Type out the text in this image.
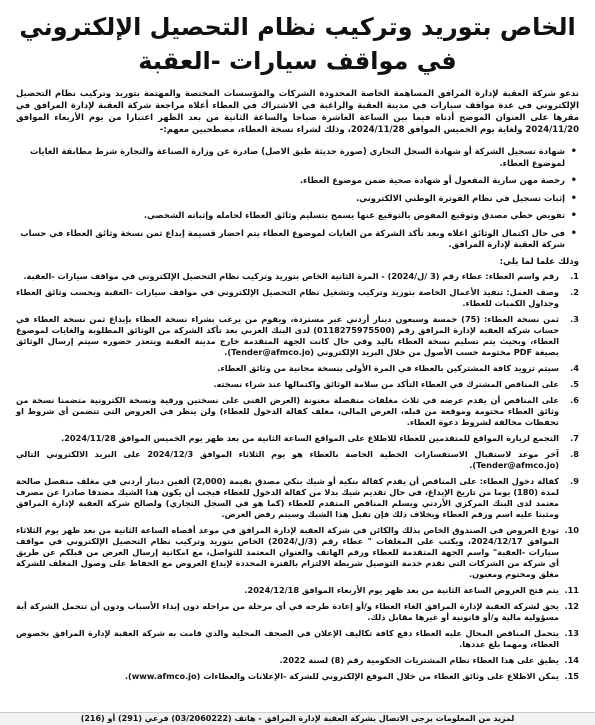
الخاص بتوريد وتركيب نظام التحصيل الإلكتروني
في مواقف سيارات -العقبة

تدعو شركة العقبة لإدارة المرافق المساهمة الخاصة المحدودة الشركات والمؤسسات المختصة والمهتمة بتوريد وتركيب نظام التحصيل الإلكتروني في عدة مواقف سيارات في مدينة العقبة والراغبة في الاشتراك في العطاء أعلاه مراجعة شركة العقبة لإدارة المرافق في مقرها على العنوان الموضح أدناه فيما بين الساعة العاشرة صباحا والساعة الثانية من بعد الظهر اعتبارا من يوم الأربعاء الموافق 2024/11/20 ولغاية يوم الخميس الموافق 2024/11/28، وذلك لشراء نسخة العطاء، مصطحبين معهم:-

•
شهادة تسجيل الشركة أو شهادة السجل التجاري (صورة حديثة طبق الاصل) صادرة عن وزارة الصناعة والتجارة شرط مطابقة الغايات لموضوع العطاء.
•
رخصة مهن سارية المفعول أو شهادة صحية ضمن موضوع العطاء.
•
إثبات تسجيل في نظام الفوترة الوطني الالكتروني.
•
تفويض خطي مصدق وتوقيع المفوض بالتوقيع عنها يسمح بتسليم وثائق العطاء لحامله وإثباته الشخصي.
•
في حال اكتمال الوثائق اعلاه وبعد تأكد الشركة من الغايات لموضوع العطاء يتم احضار قسيمة إيداع ثمن نسخة وثائق العطاء في حساب شركة العقبة لإدارة المرافق.
وذلك علما لما يلي:
1.
رقم واسم العطاء: عطاء رقم (3 /ل/2024) - المرة الثانية الخاص بتوريد وتركيب نظام التحصيل الإلكتروني في مواقف سيارات -العقبة.
2.
وصف العمل: تنفيذ الأعمال الخاصة بتوريد وتركيب وتشغيل نظام التحصيل الإلكتروني في مواقف سيارات -العقبة وبحسب وثائق العطاء وجداول الكميات للعطاء.
3.
ثمن نسخة العطاء: (75) خمسة وسبعون دينار أردني غير مستردة، ويقوم من يرغب بشراء نسخة العطاء بإيداع ثمن نسخة العطاء في حساب شركة العقبة لإدارة المرافق رقم (0118275975500) لدى البنك العربي بعد تأكد الشركة من الوثائق المطلوبة والغايات لموضوع العطاء، وبحيث يتم تسليم نسخة العطاء باليد وفي حال كانت الجهة المتقدمة خارج مدينة العقبة ويتعذر حضوره سيتم إرسال الوثائق بصيغة PDF مختومة حسب الأصول من خلال البريد الإلكتروني (Tender@afmco.jo).
4.
سيتم تزويد كافة المشتركين بالعطاء في المرة الأولى بنسخة مجانية من وثائق العطاء.
5.
على المناقص المشترك في العطاء التأكد من سلامة الوثائق واكتمالها عند شراء نسخته.
6.
على المناقص أن يقدم عرضه في ثلاث مغلفات منفصلة معنونة (العرض الفني على نسختين ورقية ونسخة الكترونية متضمنا نسخة من وثائق العطاء مختومة وموقعة من قبله، العرض المالي، مغلف كفالة الدخول للعطاء) ولن ينظر في العروض التي تتضمن أي شروط او تحفظات مخالفة لشروط دعوة العطاء.
7.
التجمع لزيارة المواقع للمتقدمين للعطاء للاطلاع على المواقع الساعة الثانية من بعد ظهر يوم الخميس الموافق 2024/11/28.
8.
آخر موعد لاستقبال الاستفسارات الخطية الخاصة بالعطاء هو يوم الثلاثاء الموافق 2024/12/3 على البريد الالكتروني التالي (Tender@afmco.jo).
9.
كفالة دخول العطاء: على المناقص أن يقدم كفالة بنكية أو شيك بنكي مصدق بقيمة (2,000) ألفين دينار أردني في مغلف منفصل صالحة لمدة (180) يوما من تاريخ الإيداع، في حال تقديم شيك بدلا من كفالة الدخول للعطاء فيجب أن يكون هذا الشيك مصدقا صادرا عن مصرف معتمد لدى البنك المركزي الأردني ويسلم المناقص المتقدم للعطاء (كما هو في السجل التجاري) ولصالح شركة العقبة لإدارة المرافق ومثبتا عليه اسم ورقم العطاء وبخلاف ذلك فإن تقبل هذا الشيك وسيتم رفض العرض.
10.
تودع العروض في الصندوق الخاص بذلك والكائن في شركة العقبة لإدارة المرافق في موعد أقصاه الساعة الثانية من بعد ظهر يوم الثلاثاء الموافق 2024/12/17، ويكتب على المغلفات " عطاء رقم (3/ل/2024) الخاص بتوريد وتركيب نظام التحصيل الإلكتروني في مواقف سيارات -العقبة" واسم الجهة المتقدمة للعطاء ورقم الهاتف والعنوان المعتمد للتواصل، مع امكانية إرسال العرض من قبلكم عن طريق أي شركة من الشركات التي تقدم خدمة التوصيل شريطة الالتزام بالفترة المحددة لإيداع العروض مع الحفاظ على وصول المغلف للشركة مغلق ومختوم ومعنون.
11.
يتم فتح العروض الساعة الثانية من بعد ظهر يوم الأربعاء الموافق 2024/12/18.
12.
يحق لشركة العقبة لإدارة المرافق الغاء العطاء و/أو إعادة طرحه في أي مرحلة من مراحله دون إبداء الأسباب ودون أن تتحمل الشركة أية مسؤولية مالية و/أو قانونية أو غيرها مقابل ذلك.
13.
يتحمل المناقص المحال عليه العطاء دفع كافة تكاليف الإعلان في الصحف المحلية والذي قامت به شركة العقبة لإدارة المرافق بخصوص العطاء، ومهما بلغ عددها.
14.
يطبق على هذا العطاء نظام المشتريات الحكومية رقم (8) لسنة 2022.
15.
يمكن الاطلاع على وثائق العطاء من خلال الموقع الإلكتروني للشركة -الإعلانات والعطاءات (www.afmco.jo).
لمزيد من المعلومات يرجى الاتصال بشركة العقبة لإدارة المرافق - هاتف (03/2060222) فرعي (291) أو (216)
